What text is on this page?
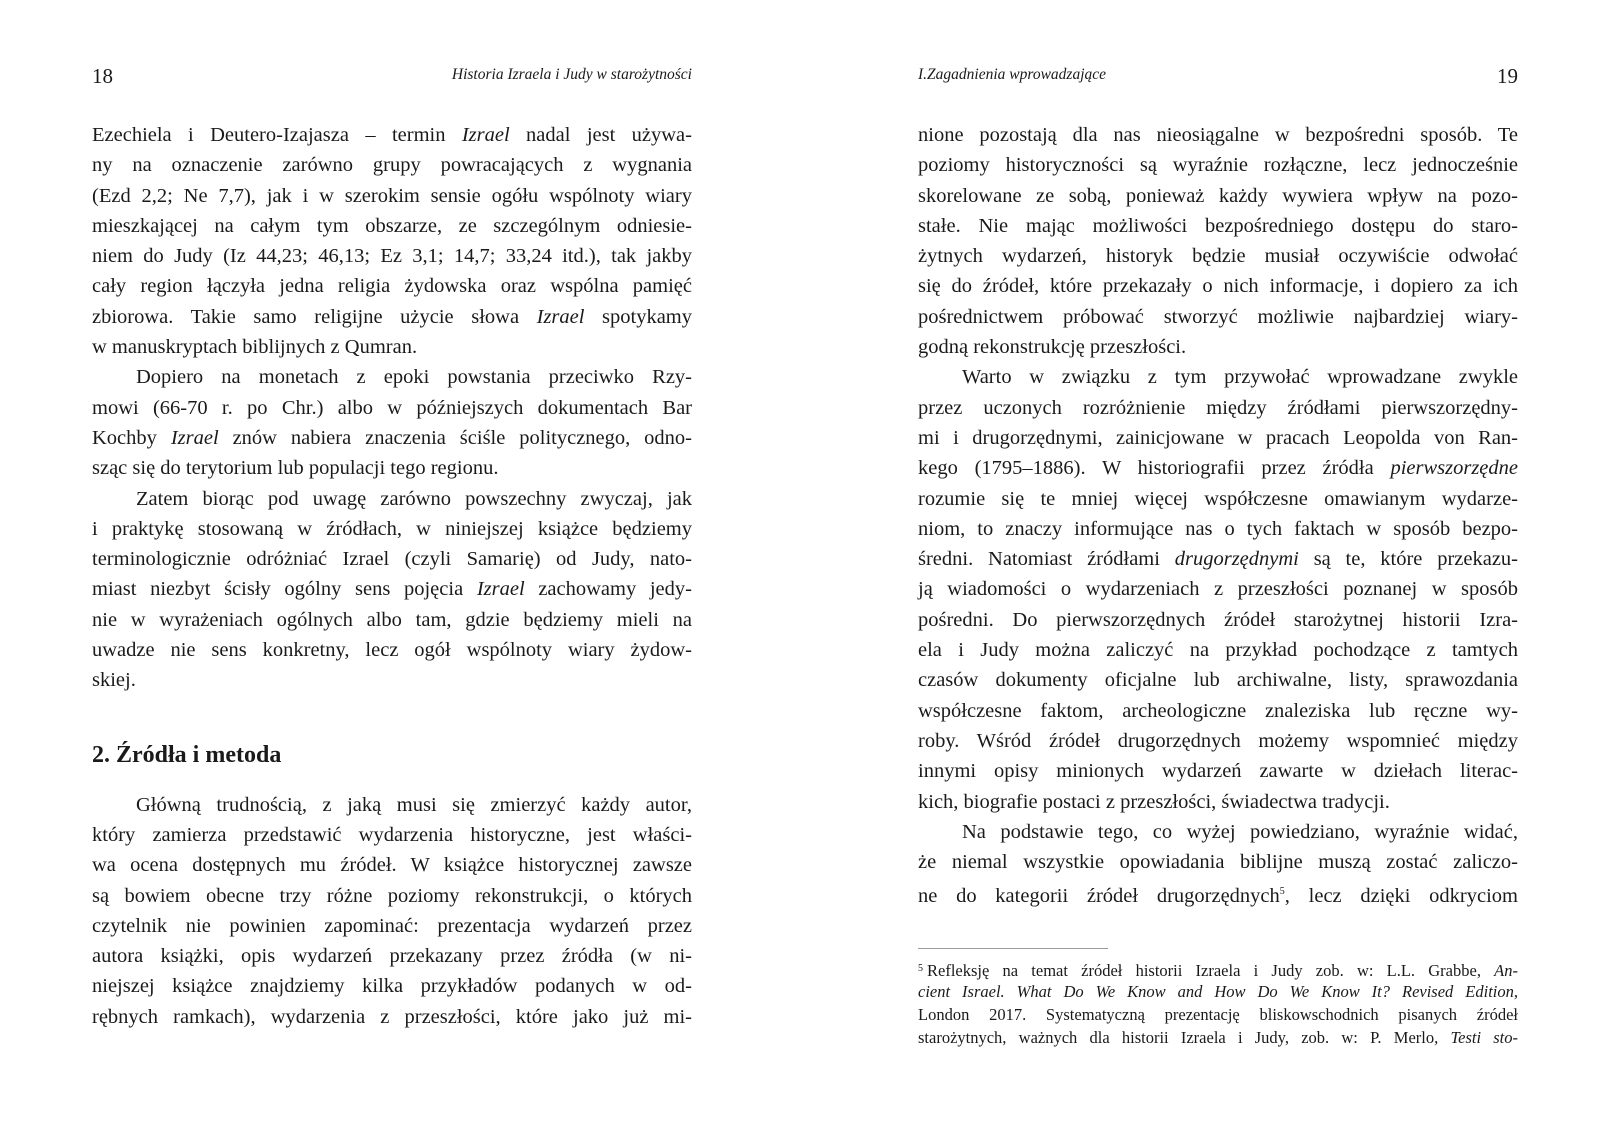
18	Historia Izraela i Judy w starożytności
Ezechiela i Deutero-Izajasza – termin Izrael nadal jest używa-
ny na oznaczenie zarówno grupy powracających z wygnania
(Ezd 2,2; Ne 7,7), jak i w szerokim sensie ogółu wspólnoty wiary
mieszkającej na całym tym obszarze, ze szczególnym odniesie-
niem do Judy (Iz 44,23; 46,13; Ez 3,1; 14,7; 33,24 itd.), tak jakby
cały region łączyła jedna religia żydowska oraz wspólna pamięć
zbiorowa. Takie samo religijne użycie słowa Izrael spotykamy
w manuskryptach biblijnych z Qumran.
Dopiero na monetach z epoki powstania przeciwko Rzy-
mowi (66-70 r. po Chr.) albo w późniejszych dokumentach Bar
Kochby Izrael znów nabiera znaczenia ściśle politycznego, odno-
sząc się do terytorium lub populacji tego regionu.
Zatem biorąc pod uwagę zarówno powszechny zwyczaj, jak
i praktykę stosowaną w źródłach, w niniejszej książce będziemy
terminologicznie odróżniać Izrael (czyli Samarię) od Judy, nato-
miast niezbyt ścisły ogólny sens pojęcia Izrael zachowamy jedy-
nie w wyrażeniach ogólnych albo tam, gdzie będziemy mieli na
uwadze nie sens konkretny, lecz ogół wspólnoty wiary żydow-
skiej.
2. Źródła i metoda
Główną trudnością, z jaką musi się zmierzyć każdy autor,
który zamierza przedstawić wydarzenia historyczne, jest właści-
wa ocena dostępnych mu źródeł. W książce historycznej zawsze
są bowiem obecne trzy różne poziomy rekonstrukcji, o których
czytelnik nie powinien zapominać: prezentacja wydarzeń przez
autora książki, opis wydarzeń przekazany przez źródła (w ni-
niejszej książce znajdziemy kilka przykładów podanych w od-
rębnych ramkach), wydarzenia z przeszłości, które jako już mi-
I.Zagadnienia wprowadzające	19
nione pozostają dla nas nieosiągalne w bezpośredni sposób. Te
poziomy historyczności są wyraźnie rozłączne, lecz jednocześnie
skorelowane ze sobą, ponieważ każdy wywiera wpływ na pozo-
stałe. Nie mając możliwości bezpośredniego dostępu do staro-
żytnych wydarzeń, historyk będzie musiał oczywiście odwołać
się do źródeł, które przekazały o nich informacje, i dopiero za ich
pośrednictwem próbować stworzyć możliwie najbardziej wiary-
godną rekonstrukcję przeszłości.
Warto w związku z tym przywołać wprowadzane zwykle
przez uczonych rozróżnienie między źródłami pierwszorzędny-
mi i drugorzędnymi, zainicjowane w pracach Leopolda von Ran-
kego (1795–1886). W historiografii przez źródła pierwszorzędne
rozumie się te mniej więcej współczesne omawianym wydarze-
niom, to znaczy informujące nas o tych faktach w sposób bezpo-
średni. Natomiast źródłami drugorzędnymi są te, które przekazu-
ją wiadomości o wydarzeniach z przeszłości poznanej w sposób
pośredni. Do pierwszorzędnych źródeł starożytnej historii Izra-
ela i Judy można zaliczyć na przykład pochodzące z tamtych
czasów dokumenty oficjalne lub archiwalne, listy, sprawozdania
współczesne faktom, archeologiczne znaleziska lub ręczne wy-
roby. Wśród źródeł drugorzędnych możemy wspomnieć między
innymi opisy minionych wydarzeń zawarte w dziełach literac-
kich, biografie postaci z przeszłości, świadectwa tradycji.
Na podstawie tego, co wyżej powiedziano, wyraźnie widać,
że niemal wszystkie opowiadania biblijne muszą zostać zaliczo-
ne do kategorii źródeł drugorzędnych$^5$, lecz dzięki odkryciom
$^5$ Refleksję na temat źródeł historii Izraela i Judy zob. w: L.L. Grabbe, An-
cient Israel. What Do We Know and How Do We Know It? Revised Edition,
London 2017. Systematyczną prezentację bliskowschodnich pisanych źródeł
starożytnych, ważnych dla historii Izraela i Judy, zob. w: P. Merlo, Testi sto-
